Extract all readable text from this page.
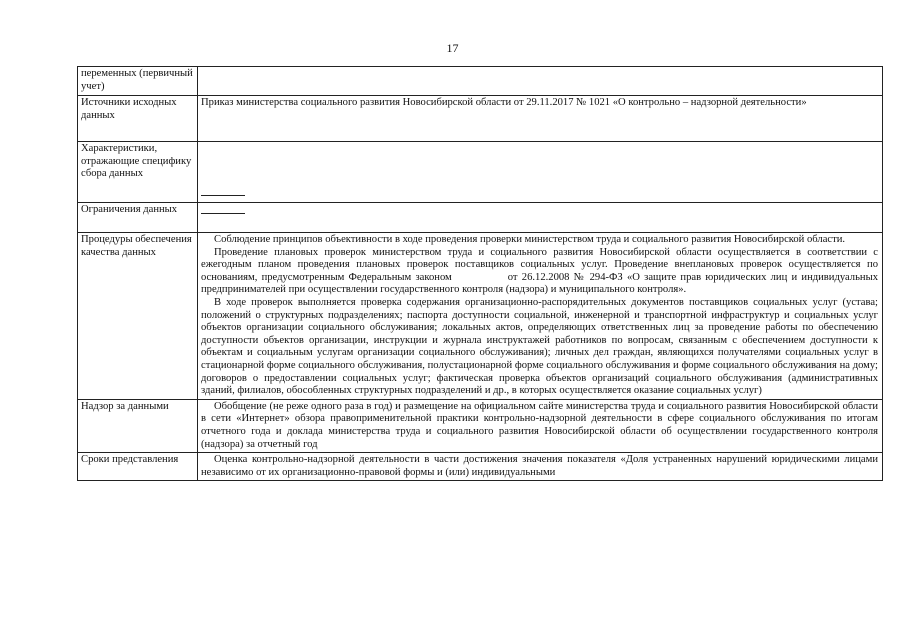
17
переменных (первичный учет)	
Источники исходных данных	Приказ министерства социального развития Новосибирской области от 29.11.2017 № 1021 «О контрольно – надзорной деятельности»

Характеристики, отражающие специфику сбора данных	
Ограничения данных	
Процедуры обеспечения качества данных	Соблюдение принципов объективности в ходе проведения проверки министерством труда и социального развития Новосибирской области.

Проведение плановых проверок министерством труда и социального развития Новосибирской области осуществляется в соответствии с ежегодным планом проведения плановых проверок поставщиков социальных услуг. Проведение внеплановых проверок осуществляется по основаниям, предусмотренным Федеральным законом от 26.12.2008 № 294-ФЗ «О защите прав юридических лиц и индивидуальных предпринимателей при осуществлении государственного контроля (надзора) и муниципального контроля».

В ходе проверок выполняется проверка содержания организационно-распорядительных документов поставщиков социальных услуг (устава; положений о структурных подразделениях; паспорта доступности социальной, инженерной и транспортной инфраструктур и социальных услуг объектов организации социального обслуживания; локальных актов, определяющих ответственных лиц за проведение работы по обеспечению доступности объектов организации, инструкции и журнала инструктажей работников по вопросам, связанным с обеспечением доступности к объектам и социальным услугам организации социального обслуживания); личных дел граждан, являющихся получателями социальных услуг в стационарной форме социального обслуживания, полустационарной форме социального обслуживания и форме социального обслуживания на дому; договоров о предоставлении социальных услуг; фактическая проверка объектов организаций социального обслуживания (административных зданий, филиалов, обособленных структурных подразделений и др., в которых осуществляется оказание социальных услуг)

Надзор за данными	Обобщение (не реже одного раза в год) и размещение на официальном сайте министерства труда и социального развития Новосибирской области в сети «Интернет» обзора правоприменительной практики контрольно-надзорной деятельности в сфере социального обслуживания по итогам отчетного года и доклада министерства труда и социального развития Новосибирской области об осуществлении государственного контроля (надзора) за отчетный год

Сроки представления	Оценка контрольно-надзорной деятельности в части достижения значения показателя «Доля устраненных нарушений юридическими лицами независимо от их организационно-правовой формы и (или) индивидуальными
